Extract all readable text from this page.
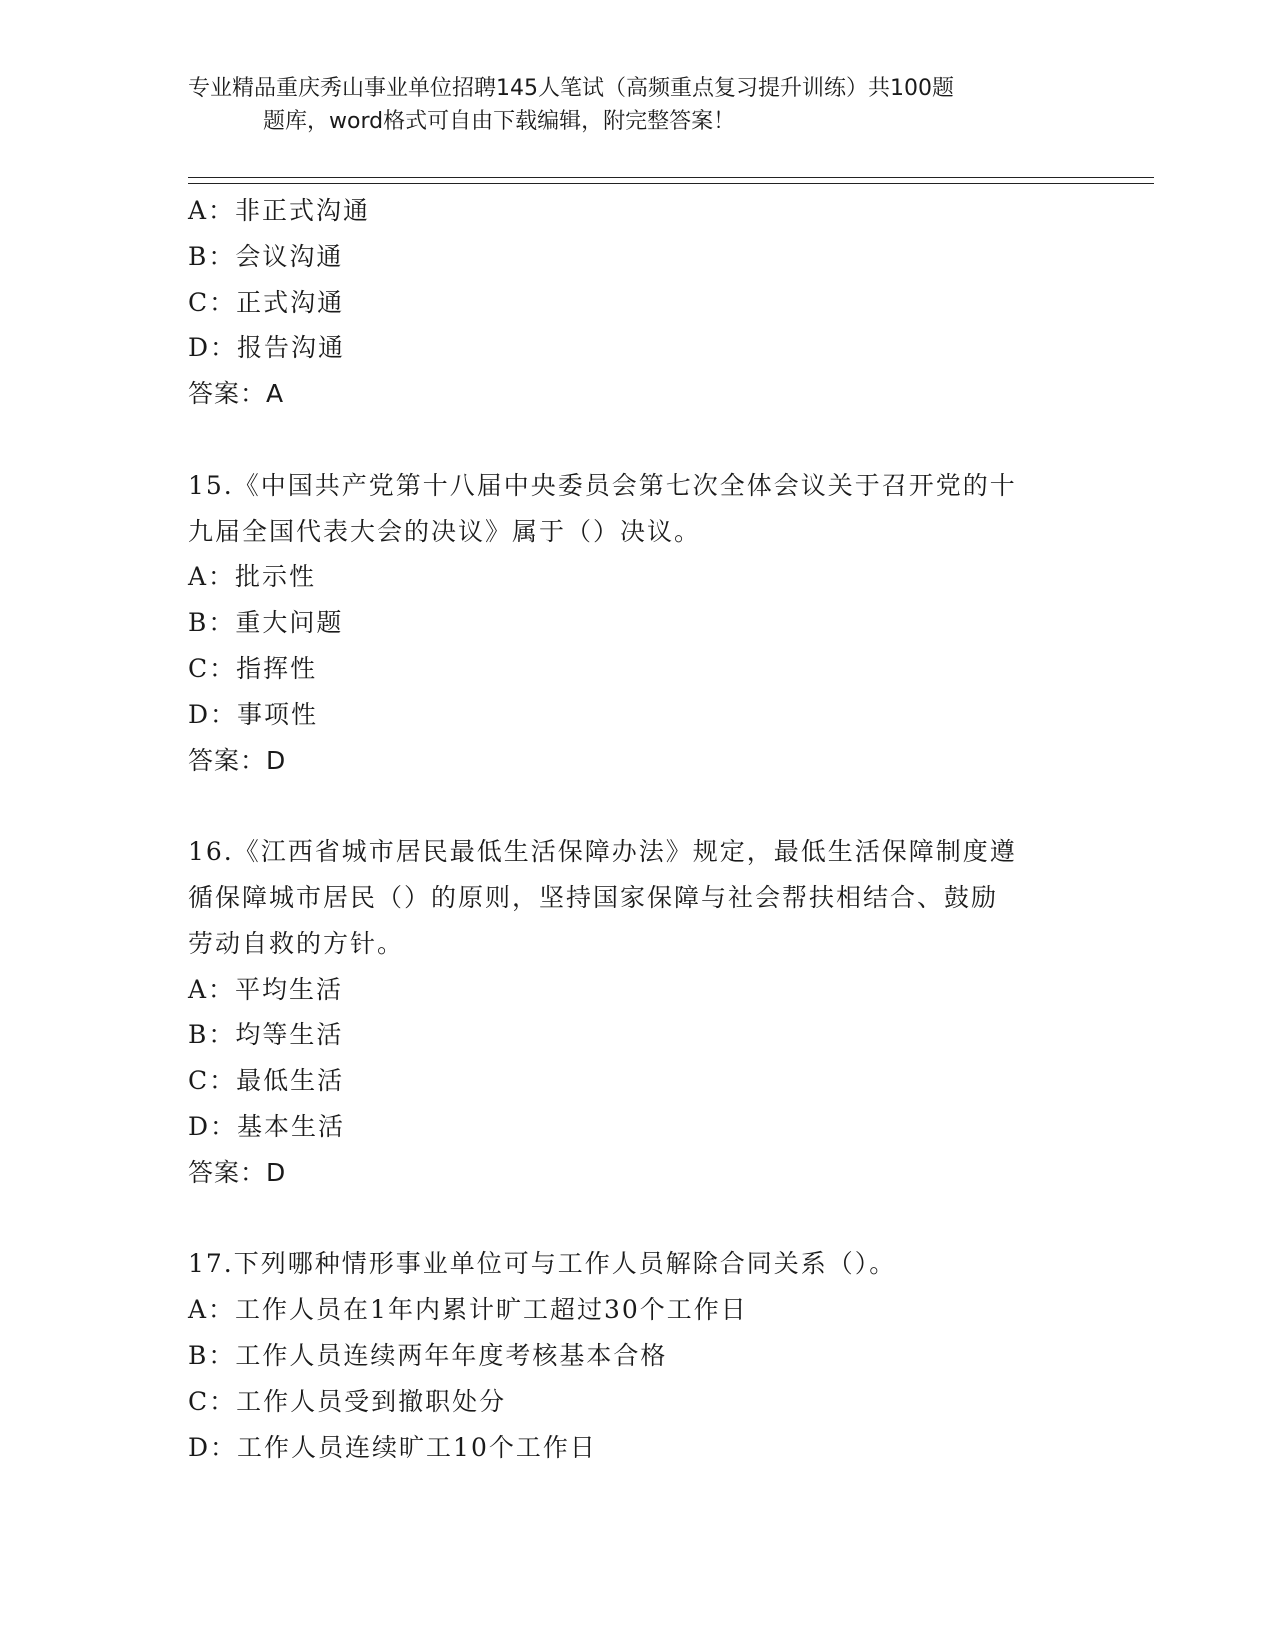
专业精品重庆秀山事业单位招聘145人笔试（高频重点复习提升训练）共100题
题库，word格式可自由下载编辑，附完整答案！
A：非正式沟通
B：会议沟通
C：正式沟通
D：报告沟通
答案：A
15.《中国共产党第十八届中央委员会第七次全体会议关于召开党的十
九届全国代表大会的决议》属于（）决议。
A：批示性
B：重大问题
C：指挥性
D：事项性
答案：D
16.《江西省城市居民最低生活保障办法》规定，最低生活保障制度遵
循保障城市居民（）的原则，坚持国家保障与社会帮扶相结合、鼓励
劳动自救的方针。
A：平均生活
B：均等生活
C：最低生活
D：基本生活
答案：D
17.下列哪种情形事业单位可与工作人员解除合同关系（）。
A：工作人员在1年内累计旷工超过30个工作日
B：工作人员连续两年年度考核基本合格
C：工作人员受到撤职处分
D：工作人员连续旷工10个工作日
